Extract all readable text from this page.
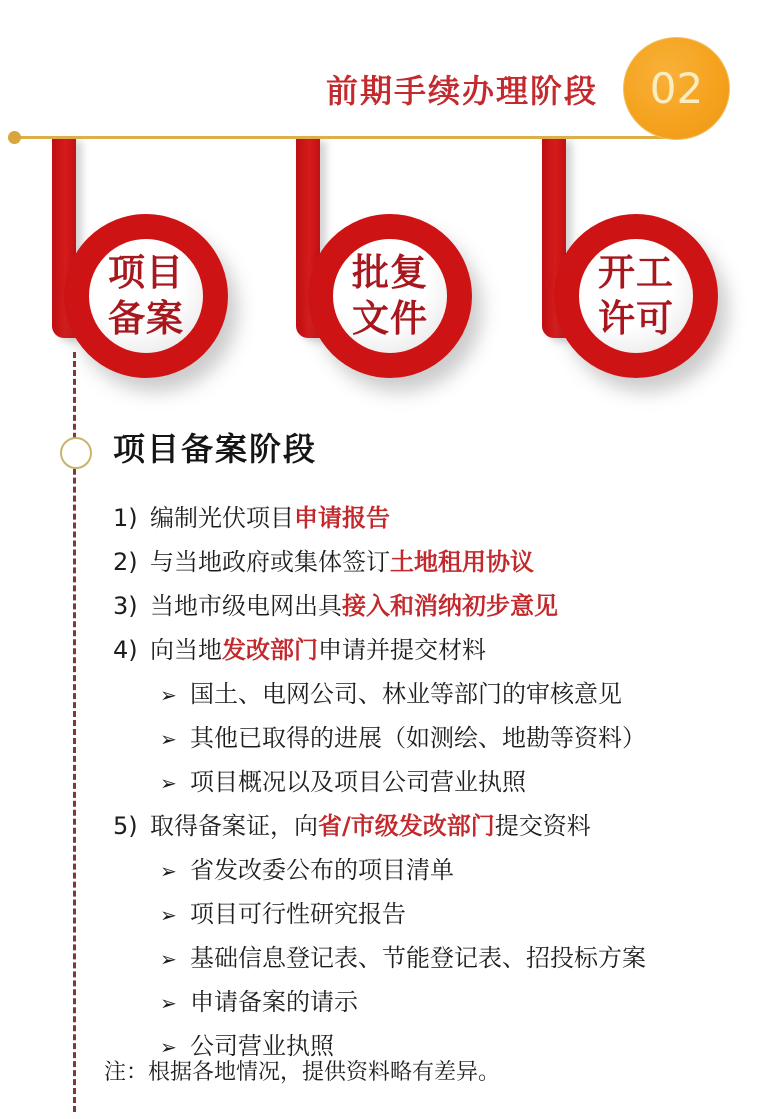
前期手续办理阶段 02
项目
备案
批复
文件
开工
许可
项目备案阶段
1) 编制光伏项目申请报告
2) 与当地政府或集体签订土地租用协议
3) 当地市级电网出具接入和消纳初步意见
4) 向当地发改部门申请并提交材料
➢ 国土、电网公司、林业等部门的审核意见
➢ 其他已取得的进展（如测绘、地勘等资料）
➢ 项目概况以及项目公司营业执照
5) 取得备案证，向省/市级发改部门提交资料
➢ 省发改委公布的项目清单
➢ 项目可行性研究报告
➢ 基础信息登记表、节能登记表、招投标方案
➢ 申请备案的请示
➢ 公司营业执照
注：根据各地情况，提供资料略有差异。
